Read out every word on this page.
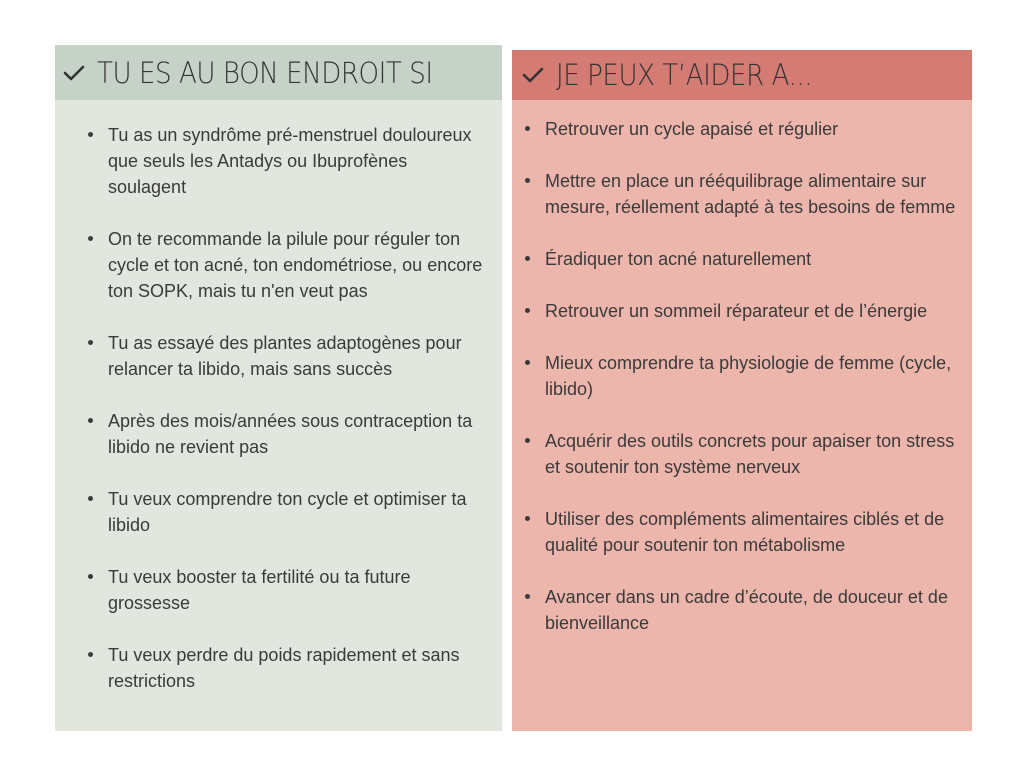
TU ES AU BON ENDROIT SI
Tu as un syndrôme pré-menstruel douloureux que seuls les Antadys ou Ibuprofènes soulagent
On te recommande la pilule pour réguler ton cycle et ton acné, ton endométriose, ou encore ton SOPK, mais tu n'en veut pas
Tu as essayé des plantes adaptogènes pour relancer ta libido, mais sans succès
Après des mois/années sous contraception ta libido ne revient pas
Tu veux comprendre ton cycle et optimiser ta libido
Tu veux booster ta fertilité ou ta future grossesse
Tu veux perdre du poids rapidement et sans restrictions
JE PEUX T’AIDER A...
Retrouver un cycle apaisé et régulier
Mettre en place un rééquilibrage alimentaire sur mesure, réellement adapté à tes besoins de femme
Éradiquer ton acné naturellement
Retrouver un sommeil réparateur et de l’énergie
Mieux comprendre ta physiologie de femme (cycle, libido)
Acquérir des outils concrets pour apaiser ton stress et soutenir ton système nerveux
Utiliser des compléments alimentaires ciblés et de qualité pour soutenir ton métabolisme
Avancer dans un cadre d’écoute, de douceur et de bienveillance
